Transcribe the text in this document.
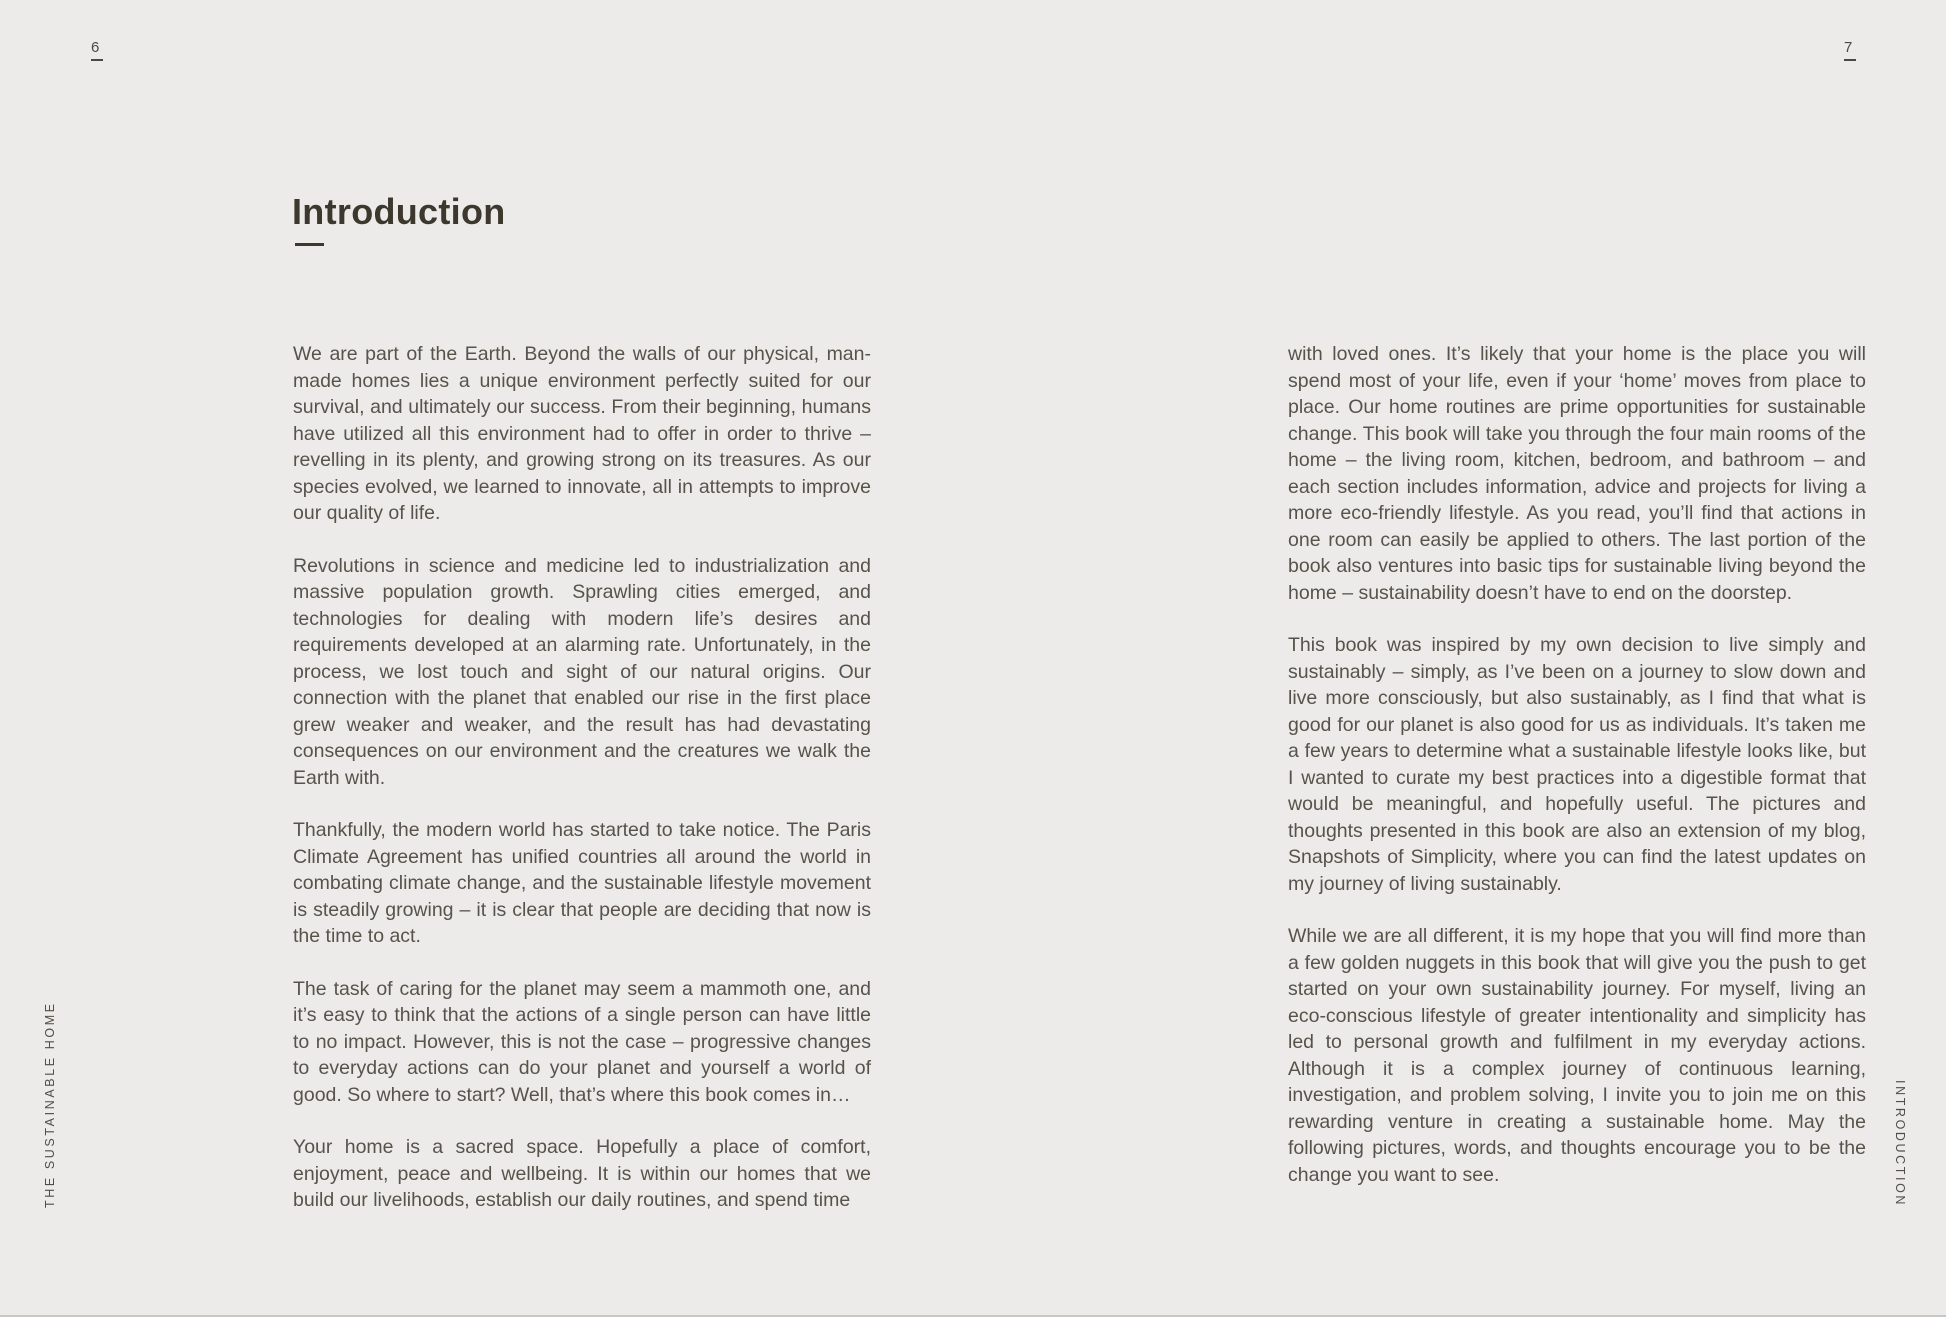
6	7
Introduction

We are part of the Earth. Beyond the walls of our physical, man-made homes lies a unique environment perfectly suited for our survival, and ultimately our success. From their beginning, humans have utilized all this environment had to offer in order to thrive – revelling in its plenty, and growing strong on its treasures. As our species evolved, we learned to innovate, all in attempts to improve our quality of life.

Revolutions in science and medicine led to industrialization and massive population growth. Sprawling cities emerged, and technologies for dealing with modern life’s desires and requirements developed at an alarming rate. Unfortunately, in the process, we lost touch and sight of our natural origins. Our connection with the planet that enabled our rise in the first place grew weaker and weaker, and the result has had devastating consequences on our environment and the creatures we walk the Earth with.

Thankfully, the modern world has started to take notice. The Paris Climate Agreement has unified countries all around the world in combating climate change, and the sustainable lifestyle movement is steadily growing – it is clear that people are deciding that now is the time to act.

The task of caring for the planet may seem a mammoth one, and it’s easy to think that the actions of a single person can have little to no impact. However, this is not the case – progressive changes to everyday actions can do your planet and yourself a world of good. So where to start? Well, that’s where this book comes in…

Your home is a sacred space. Hopefully a place of comfort, enjoyment, peace and wellbeing. It is within our homes that we build our livelihoods, establish our daily routines, and spend time

with loved ones. It’s likely that your home is the place you will spend most of your life, even if your ‘home’ moves from place to place. Our home routines are prime opportunities for sustainable change. This book will take you through the four main rooms of the home – the living room, kitchen, bedroom, and bathroom – and each section includes information, advice and projects for living a more eco-friendly lifestyle. As you read, you’ll find that actions in one room can easily be applied to others. The last portion of the book also ventures into basic tips for sustainable living beyond the home – sustainability doesn’t have to end on the doorstep.

This book was inspired by my own decision to live simply and sustainably – simply, as I’ve been on a journey to slow down and live more consciously, but also sustainably, as I find that what is good for our planet is also good for us as individuals. It’s taken me a few years to determine what a sustainable lifestyle looks like, but I wanted to curate my best practices into a digestible format that would be meaningful, and hopefully useful. The pictures and thoughts presented in this book are also an extension of my blog, Snapshots of Simplicity, where you can find the latest updates on my journey of living sustainably.

While we are all different, it is my hope that you will find more than a few golden nuggets in this book that will give you the push to get started on your own sustainability journey. For myself, living an eco-conscious lifestyle of greater intentionality and simplicity has led to personal growth and fulfilment in my everyday actions. Although it is a complex journey of continuous learning, investigation, and problem solving, I invite you to join me on this rewarding venture in creating a sustainable home. May the following pictures, words, and thoughts encourage you to be the change you want to see.

THE SUSTAINABLE HOME	INTRODUCTION
